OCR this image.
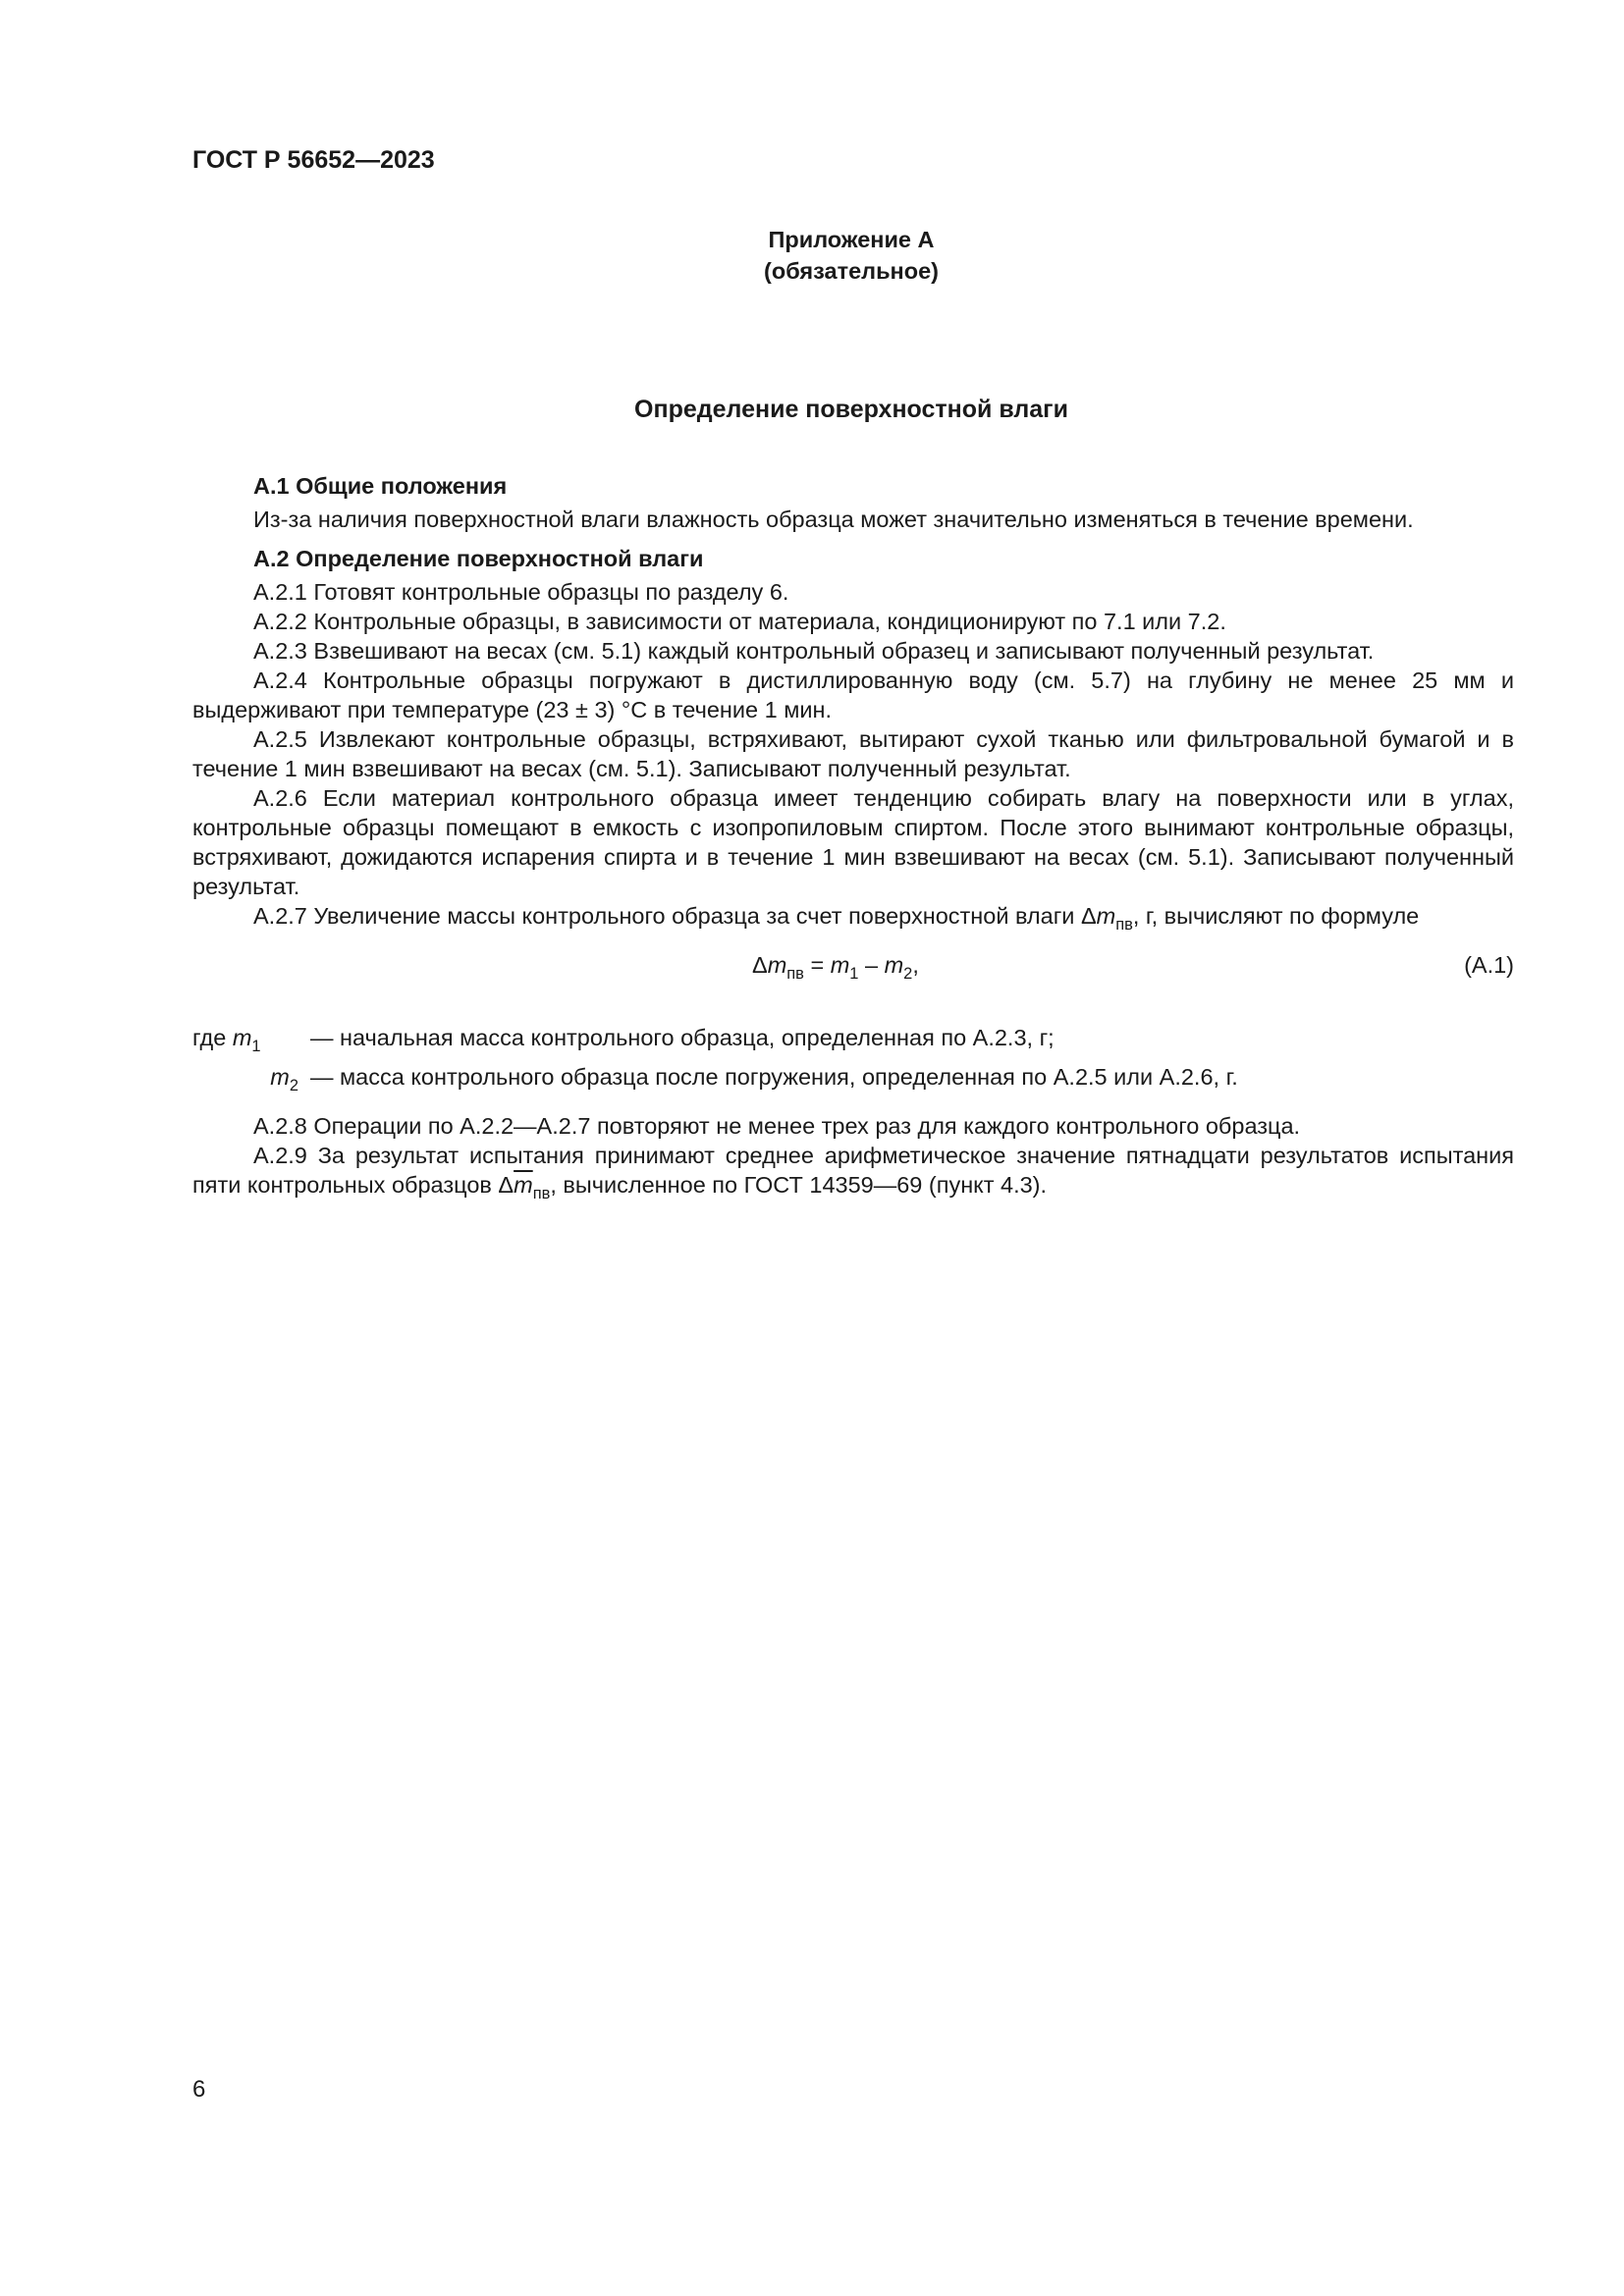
ГОСТ Р 56652—2023
Приложение А
(обязательное)
Определение поверхностной влаги
А.1 Общие положения

Из-за наличия поверхностной влаги влажность образца может значительно изменяться в течение времени.

А.2 Определение поверхностной влаги

А.2.1 Готовят контрольные образцы по разделу 6.

А.2.2 Контрольные образцы, в зависимости от материала, кондиционируют по 7.1 или 7.2.

А.2.3 Взвешивают на весах (см. 5.1) каждый контрольный образец и записывают полученный результат.

А.2.4 Контрольные образцы погружают в дистиллированную воду (см. 5.7) на глубину не менее 25 мм и выдерживают при температуре (23 ± 3) °С в течение 1 мин.

А.2.5 Извлекают контрольные образцы, встряхивают, вытирают сухой тканью или фильтровальной бумагой и в течение 1 мин взвешивают на весах (см. 5.1). Записывают полученный результат.

А.2.6 Если материал контрольного образца имеет тенденцию собирать влагу на поверхности или в углах, контрольные образцы помещают в емкость с изопропиловым спиртом. После этого вынимают контрольные образцы, встряхивают, дожидаются испарения спирта и в течение 1 мин взвешивают на весах (см. 5.1). Записывают полученный результат.

А.2.7 Увеличение массы контрольного образца за счет поверхностной влаги $\Delta m_{пв}$, г, вычисляют по формуле

$\Delta m_{пв} = m_1 - m_2$,	(А.1)
где $m_1$ — начальная масса контрольного образца, определенная по А.2.3, г;
$m_2$ — масса контрольного образца после погружения, определенная по А.2.5 или А.2.6, г.

А.2.8 Операции по А.2.2—А.2.7 повторяют не менее трех раз для каждого контрольного образца.

А.2.9 За результат испытания принимают среднее арифметическое значение пятнадцати результатов испытания пяти контрольных образцов $\Delta\overline{m}_{пв}$, вычисленное по ГОСТ 14359—69 (пункт 4.3).

6
